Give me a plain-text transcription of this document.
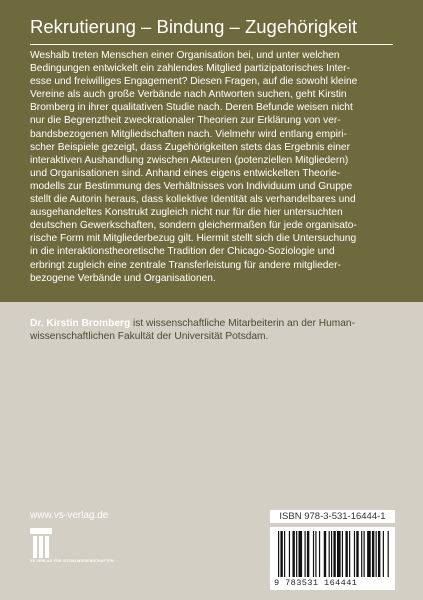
Rekrutierung – Bindung – Zugehörigkeit
Weshalb treten Menschen einer Organisation bei, und unter welchen
Bedingungen entwickelt ein zahlendes Mitglied partizipatorisches Inter-
esse und freiwilliges Engagement? Diesen Fragen, auf die sowohl kleine
Vereine als auch große Verbände nach Antworten suchen, geht Kirstin
Bromberg in ihrer qualitativen Studie nach. Deren Befunde weisen nicht
nur die Begrenztheit zweckrationaler Theorien zur Erklärung von ver-
bandsbezogenen Mitgliedschaften nach. Vielmehr wird entlang empiri-
scher Beispiele gezeigt, dass Zugehörigkeiten stets das Ergebnis einer
interaktiven Aushandlung zwischen Akteuren (potenziellen Mitgliedern)
und Organisationen sind. Anhand eines eigens entwickelten Theorie-
modells zur Bestimmung des Verhältnisses von Individuum und Gruppe
stellt die Autorin heraus, dass kollektive Identität als verhandelbares und
ausgehandeltes Konstrukt zugleich nicht nur für die hier untersuchten
deutschen Gewerkschaften, sondern gleichermaßen für jede organisato-
rische Form mit Mitgliederbezug gilt. Hiermit stellt sich die Untersuchung
in die interaktionstheoretische Tradition der Chicago-Soziologie und
erbringt zugleich eine zentrale Transferleistung für andere mitglieder-
bezogene Verbände und Organisationen.
Dr. Kirstin Bromberg ist wissenschaftliche Mitarbeiterin an der Human-
wissenschaftlichen Fakultät der Universität Potsdam.
www.vs-verlag.de
VS VERLAG FÜR SOZIALWISSENSCHAFTEN
ISBN 978-3-531-16444-1
9 783531 164441
